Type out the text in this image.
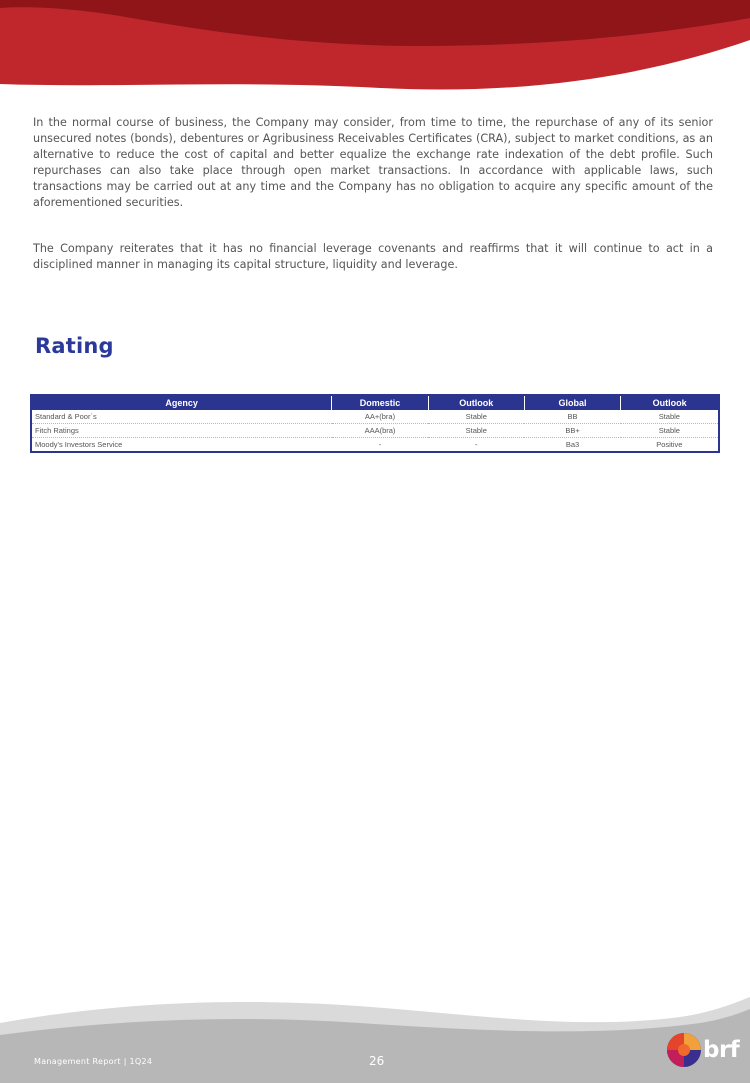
In the normal course of business, the Company may consider, from time to time, the repurchase of any of its senior unsecured notes (bonds), debentures or Agribusiness Receivables Certificates (CRA), subject to market conditions, as an alternative to reduce the cost of capital and better equalize the exchange rate indexation of the debt profile. Such repurchases can also take place through open market transactions. In accordance with applicable laws, such transactions may be carried out at any time and the Company has no obligation to acquire any specific amount of the aforementioned securities.

The Company reiterates that it has no financial leverage covenants and reaffirms that it will continue to act in a disciplined manner in managing its capital structure, liquidity and leverage.

Rating
Agency	Domestic	Outlook	Global	Outlook
Standard & Poor´s	AA+(bra)	Stable	BB	Stable
Fitch Ratings	AAA(bra)	Stable	BB+	Stable
Moody's Investors Service	-	-	Ba3	Positive
Management Report | 1Q24	26	brf
